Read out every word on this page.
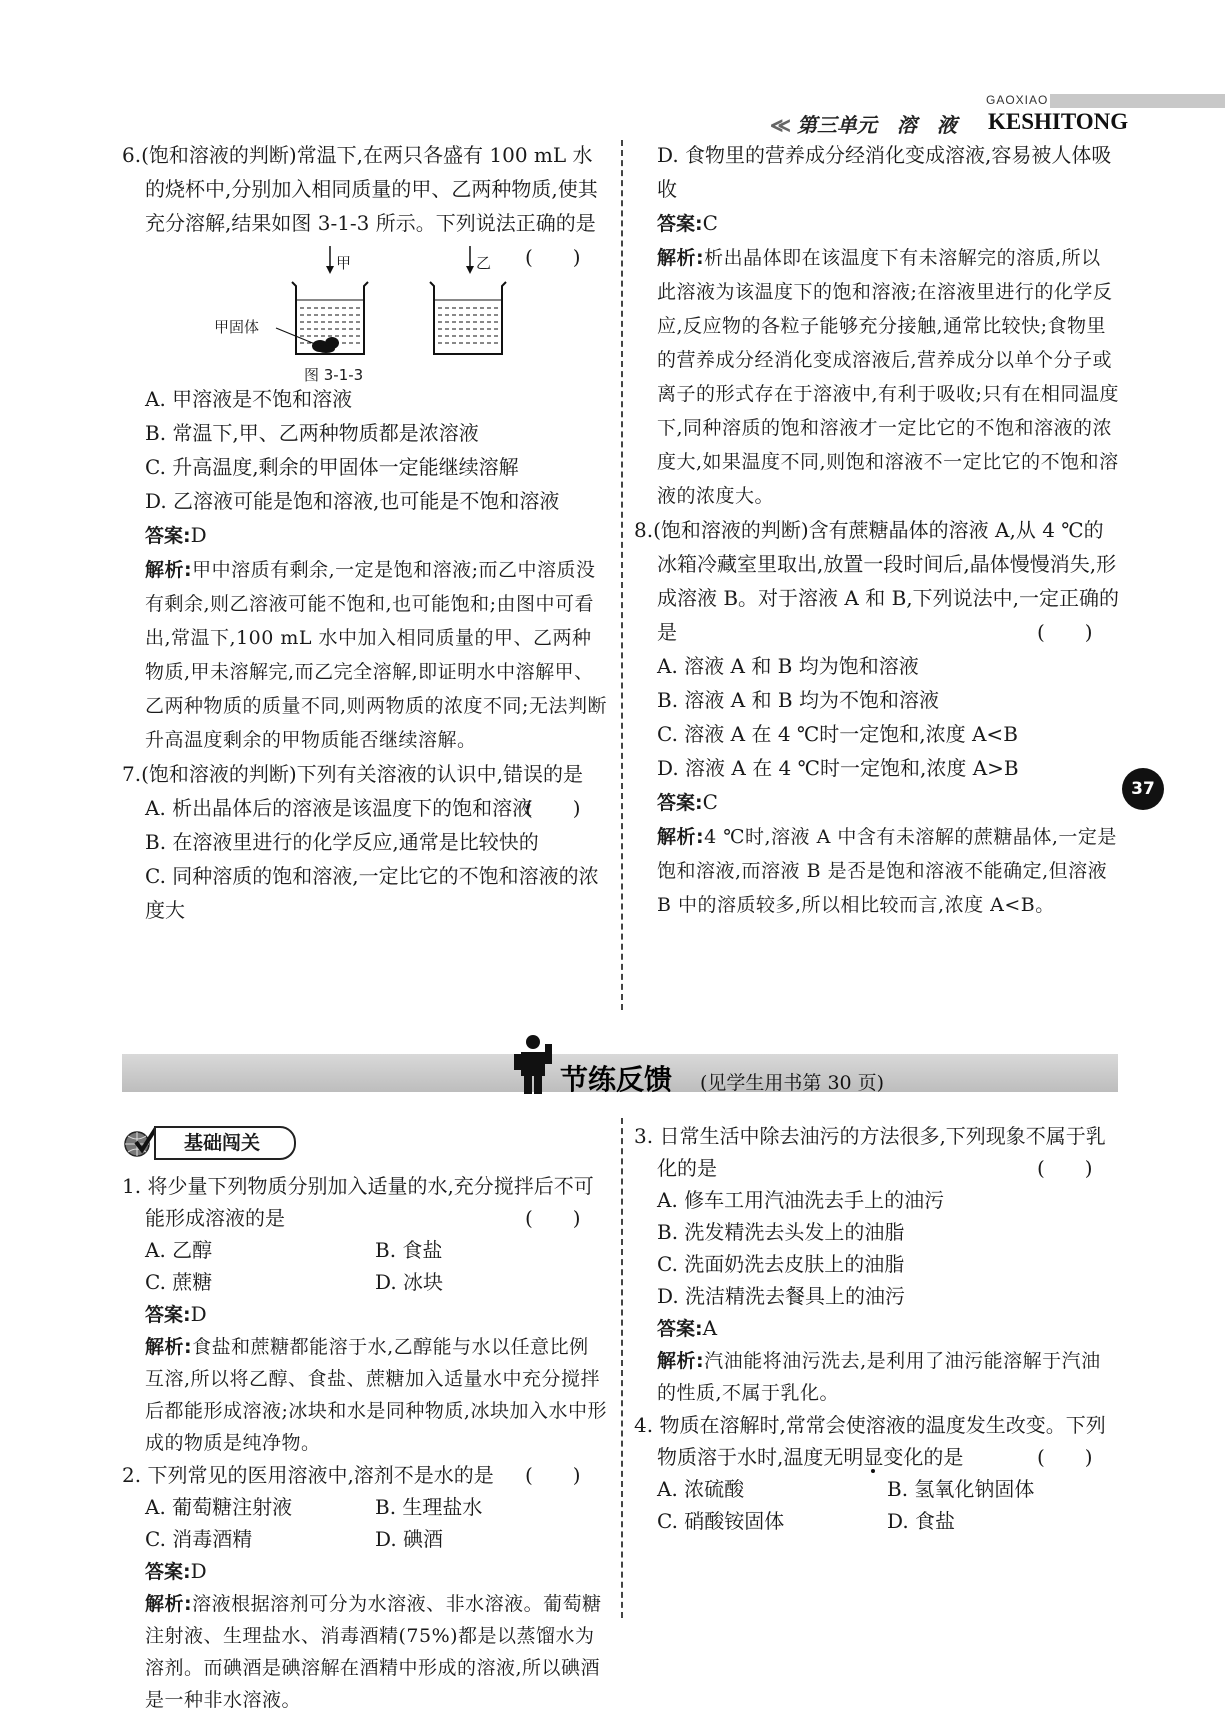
GAOXIAO
≪ 第三单元　溶　液 KESHITONG
6.(饱和溶液的判断)常温下,在两只各盛有 100 mL 水的烧杯中,分别加入相同质量的甲、乙两种物质,使其充分溶解,结果如图 3-1-3 所示。下列说法正确的是
(　　)
甲	乙
甲固体
图 3-1-3

A. 甲溶液是不饱和溶液

B. 常温下,甲、乙两种物质都是浓溶液

C. 升高温度,剩余的甲固体一定能继续溶解

D. 乙溶液可能是饱和溶液,也可能是不饱和溶液

答案:D

解析:甲中溶质有剩余,一定是饱和溶液;而乙中溶质没有剩余,则乙溶液可能不饱和,也可能饱和;由图中可看出,常温下,100 mL 水中加入相同质量的甲、乙两种物质,甲未溶解完,而乙完全溶解,即证明水中溶解甲、乙两种物质的质量不同,则两物质的浓度不同;无法判断升高温度剩余的甲物质能否继续溶解。

7.(饱和溶液的判断)下列有关溶液的认识中,错误的是
(　　)

A. 析出晶体后的溶液是该温度下的饱和溶液

B. 在溶液里进行的化学反应,通常是比较快的

C. 同种溶质的饱和溶液,一定比它的不饱和溶液的浓度大

D. 食物里的营养成分经消化变成溶液,容易被人体吸收

答案:C

解析:析出晶体即在该温度下有未溶解完的溶质,所以此溶液为该温度下的饱和溶液;在溶液里进行的化学反应,反应物的各粒子能够充分接触,通常比较快;食物里的营养成分经消化变成溶液后,营养成分以单个分子或离子的形式存在于溶液中,有利于吸收;只有在相同温度下,同种溶质的饱和溶液才一定比它的不饱和溶液的浓度大,如果温度不同,则饱和溶液不一定比它的不饱和溶液的浓度大。

8.(饱和溶液的判断)含有蔗糖晶体的溶液 A,从 4 ℃的冰箱冷藏室里取出,放置一段时间后,晶体慢慢消失,形成溶液 B。对于溶液 A 和 B,下列说法中,一定正确的是	(　　)

A. 溶液 A 和 B 均为饱和溶液

B. 溶液 A 和 B 均为不饱和溶液

C. 溶液 A 在 4 ℃时一定饱和,浓度 A<B

D. 溶液 A 在 4 ℃时一定饱和,浓度 A>B

答案:C

解析:4 ℃时,溶液 A 中含有未溶解的蔗糖晶体,一定是饱和溶液,而溶液 B 是否是饱和溶液不能确定,但溶液 B 中的溶质较多,所以相比较而言,浓度 A<B。

37
节练反馈 (见学生用书第 30 页)
基础闯关
1. 将少量下列物质分别加入适量的水,充分搅拌后不可能形成溶液的是	(　　)
A. 乙醇	B. 食盐
C. 蔗糖	D. 冰块

答案:D

解析:食盐和蔗糖都能溶于水,乙醇能与水以任意比例互溶,所以将乙醇、食盐、蔗糖加入适量水中充分搅拌后都能形成溶液;冰块和水是同种物质,冰块加入水中形成的物质是纯净物。

2. 下列常见的医用溶液中,溶剂不是水的是 (　　)
A. 葡萄糖注射液	B. 生理盐水
C. 消毒酒精	D. 碘酒

答案:D

解析:溶液根据溶剂可分为水溶液、非水溶液。葡萄糖注射液、生理盐水、消毒酒精(75%)都是以蒸馏水为溶剂。而碘酒是碘溶解在酒精中形成的溶液,所以碘酒是一种非水溶液。

3. 日常生活中除去油污的方法很多,下列现象不属于乳化的是	(　　)

A. 修车工用汽油洗去手上的油污

B. 洗发精洗去头发上的油脂

C. 洗面奶洗去皮肤上的油脂

D. 洗洁精洗去餐具上的油污

答案:A

解析:汽油能将油污洗去,是利用了油污能溶解于汽油的性质,不属于乳化。

4. 物质在溶解时,常常会使溶液的温度发生改变。下列物质溶于水时,温度无明显变化的是	(　　)
A. 浓硫酸	B. 氢氧化钠固体
C. 硝酸铵固体	D. 食盐
